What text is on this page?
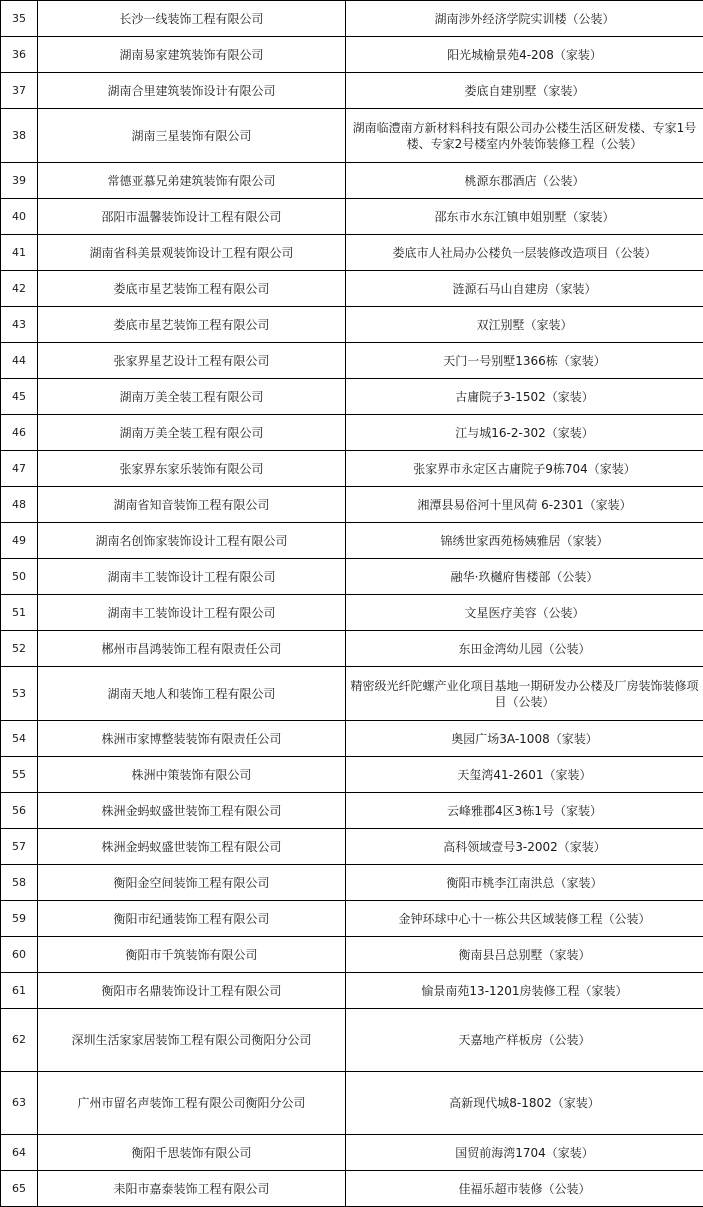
35	长沙一线装饰工程有限公司	湖南涉外经济学院实训楼（公装）
36	湖南易家建筑装饰有限公司	阳光城榆景苑4-208（家装）
37	湖南合里建筑装饰设计有限公司	娄底自建别墅（家装）
38	湖南三星装饰有限公司	湖南临澧南方新材料科技有限公司办公楼生活区研发楼、专家1号楼、专家2号楼室内外装饰装修工程（公装）
39	常德亚慕兄弟建筑装饰有限公司	桃源东郡酒店（公装）
40	邵阳市温馨装饰设计工程有限公司	邵东市水东江镇申姐别墅（家装）
41	湖南省科美景观装饰设计工程有限公司	娄底市人社局办公楼负一层装修改造项目（公装）
42	娄底市星艺装饰工程有限公司	涟源石马山自建房（家装）
43	娄底市星艺装饰工程有限公司	双江别墅（家装）
44	张家界星艺设计工程有限公司	天门一号别墅1366栋（家装）
45	湖南万美全装工程有限公司	古庸院子3-1502（家装）
46	湖南万美全装工程有限公司	江与城16-2-302（家装）
47	张家界东家乐装饰有限公司	张家界市永定区古庸院子9栋704（家装）
48	湖南省知音装饰工程有限公司	湘潭县易俗河十里风荷 6-2301（家装）
49	湖南名创饰家装饰设计工程有限公司	锦绣世家西苑杨姨雅居（家装）
50	湖南丰工装饰设计工程有限公司	融华·玖樾府售楼部（公装）
51	湖南丰工装饰设计工程有限公司	文星医疗美容（公装）
52	郴州市昌鸿装饰工程有限责任公司	东田金湾幼儿园（公装）
53	湖南天地人和装饰工程有限公司	精密级光纤陀螺产业化项目基地一期研发办公楼及厂房装饰装修项目（公装）
54	株洲市家博整装装饰有限责任公司	奥园广场3A-1008（家装）
55	株洲中策装饰有限公司	天玺湾41-2601（家装）
56	株洲金蚂蚁盛世装饰工程有限公司	云峰雅郡4区3栋1号（家装）
57	株洲金蚂蚁盛世装饰工程有限公司	高科领域壹号3-2002（家装）
58	衡阳金空间装饰工程有限公司	衡阳市桃李江南洪总（家装）
59	衡阳市纪通装饰工程有限公司	金钟环球中心十一栋公共区域装修工程（公装）
60	衡阳市千筑装饰有限公司	衡南县吕总别墅（家装）
61	衡阳市名鼎装饰设计工程有限公司	愉景南苑13-1201房装修工程（家装）
62	深圳生活家家居装饰工程有限公司衡阳分公司	天嘉地产样板房（公装）
63	广州市留名声装饰工程有限公司衡阳分公司	高新现代城8-1802（家装）
64	衡阳千思装饰有限公司	国贸前海湾1704（家装）
65	耒阳市嘉泰装饰工程有限公司	佳福乐超市装修（公装）
